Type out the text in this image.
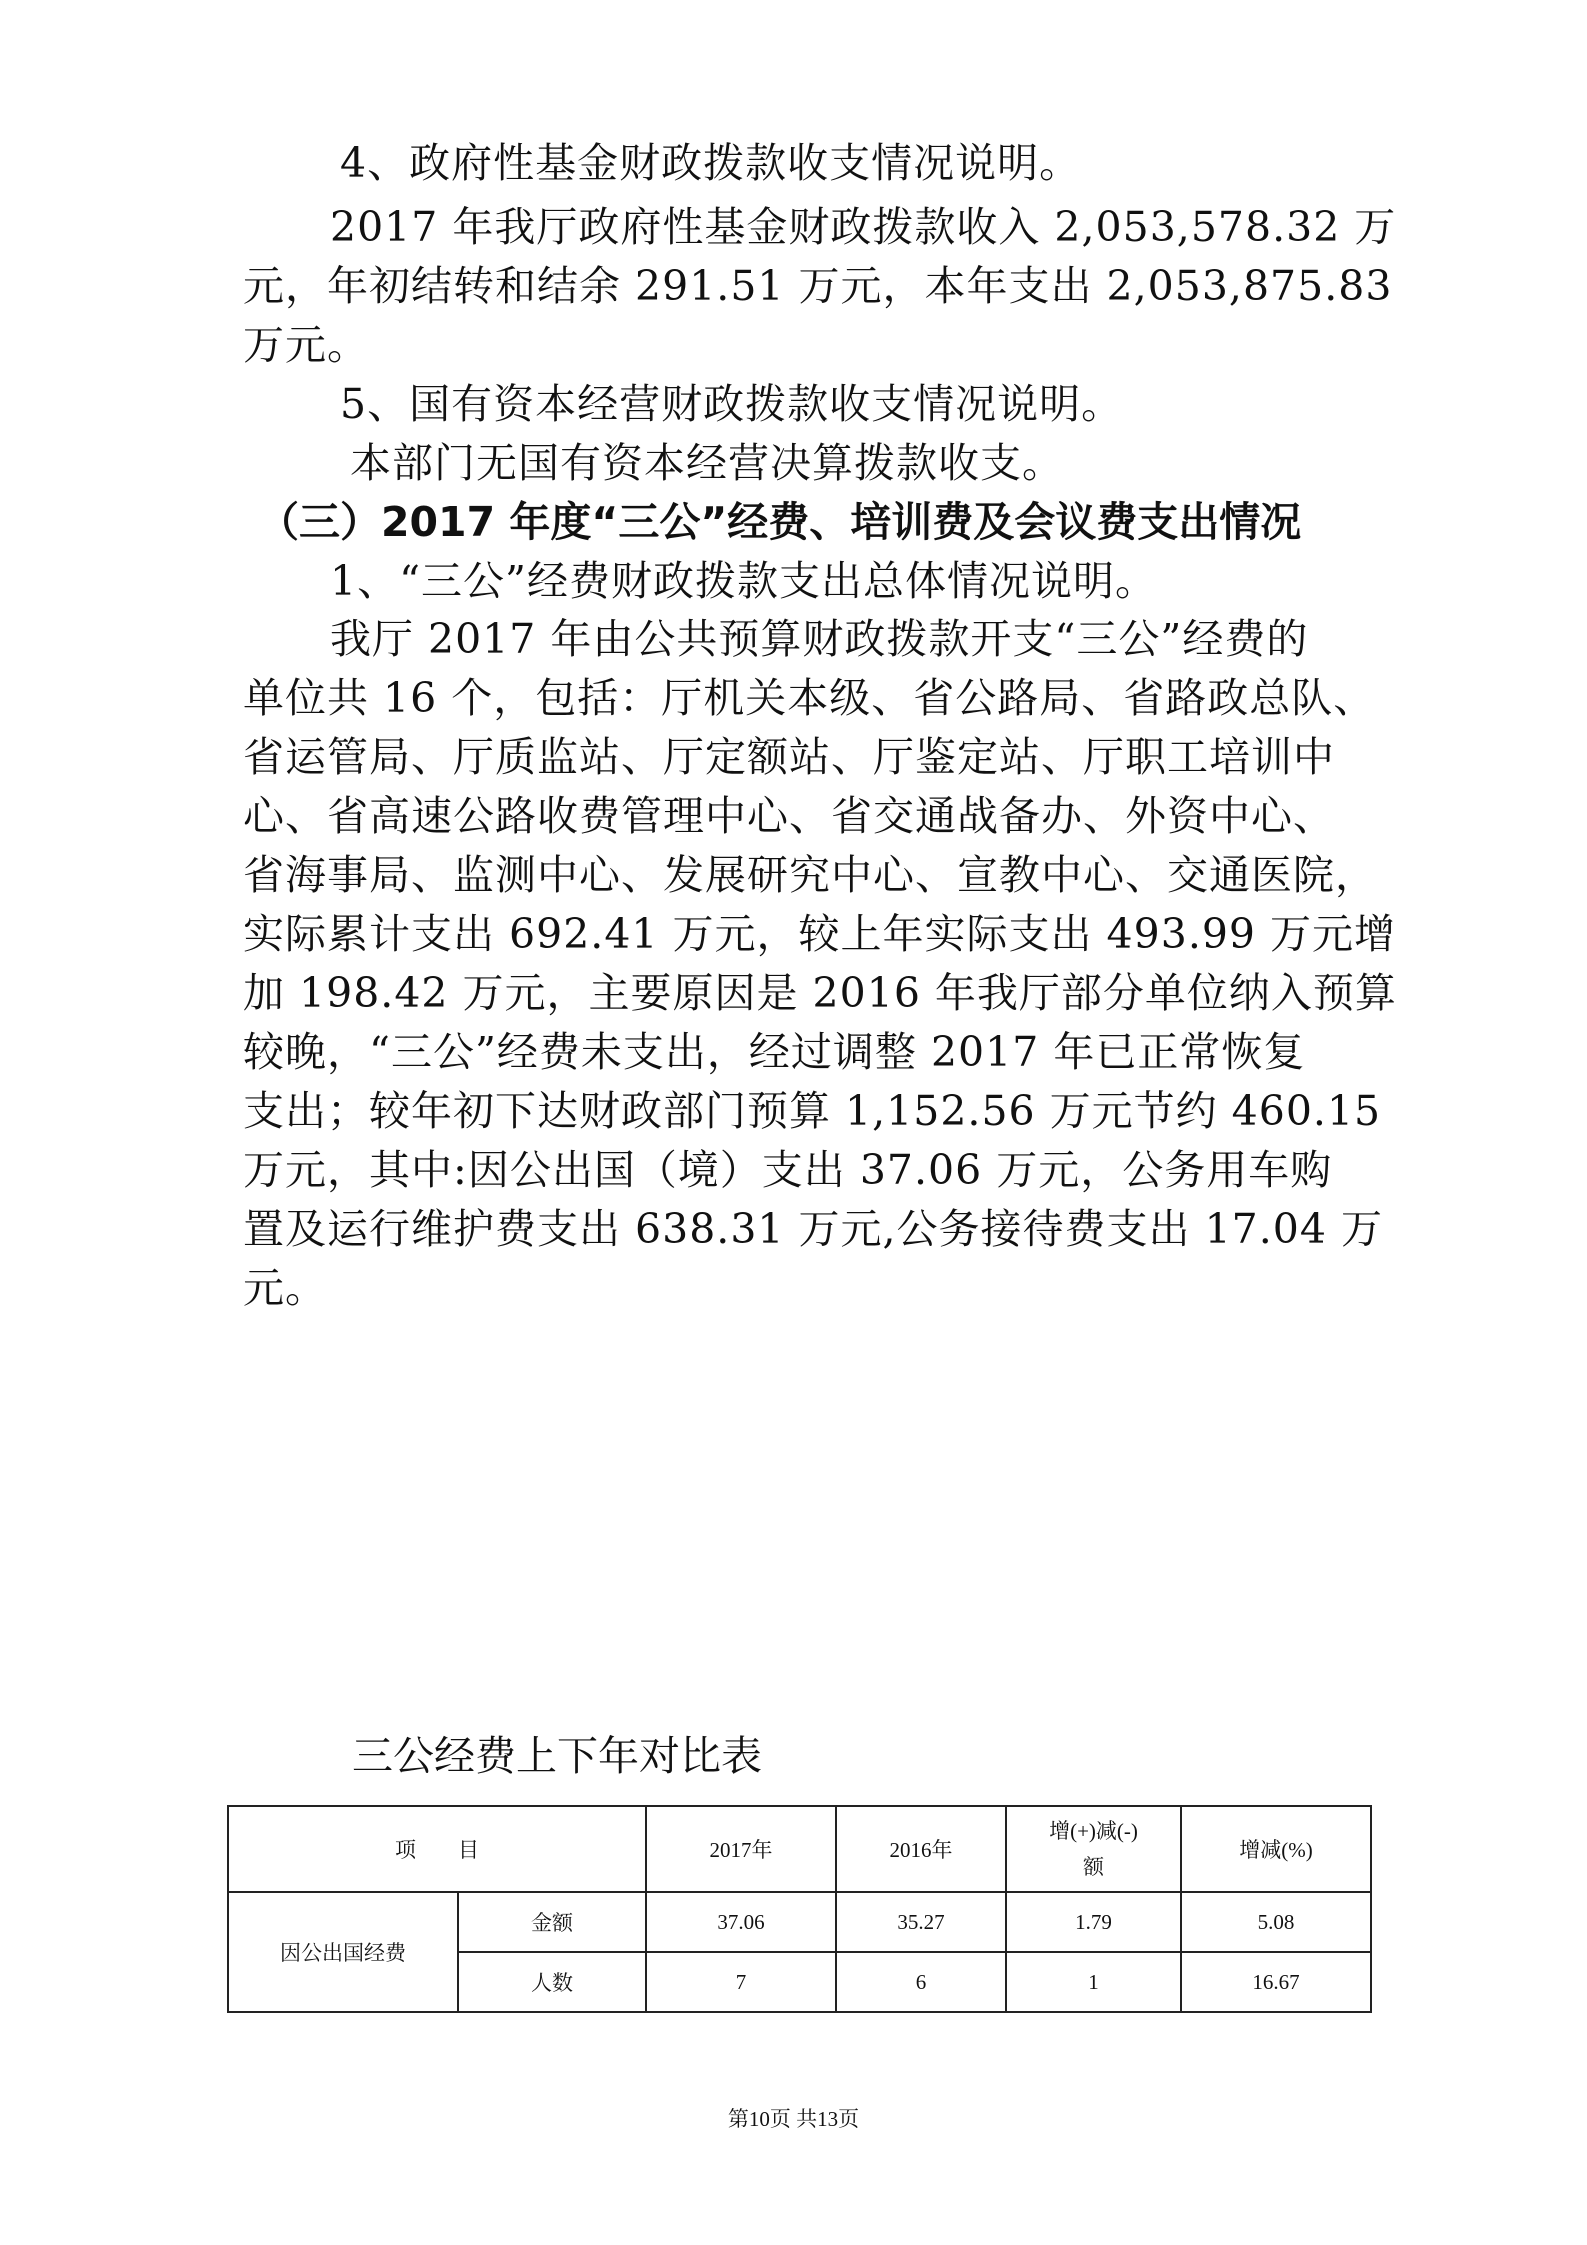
4、政府性基金财政拨款收支情况说明。
2017 年我厅政府性基金财政拨款收入 2,053,578.32 万
元，年初结转和结余 291.51 万元，本年支出 2,053,875.83
万元。
5、国有资本经营财政拨款收支情况说明。
本部门无国有资本经营决算拨款收支。
（三）2017 年度“三公”经费、培训费及会议费支出情况
1、“三公”经费财政拨款支出总体情况说明。
我厅 2017 年由公共预算财政拨款开支“三公”经费的
单位共 16 个，包括：厅机关本级、省公路局、省路政总队、
省运管局、厅质监站、厅定额站、厅鉴定站、厅职工培训中
心、省高速公路收费管理中心、省交通战备办、外资中心、
省海事局、监测中心、发展研究中心、宣教中心、交通医院，
实际累计支出 692.41 万元，较上年实际支出 493.99 万元增
加 198.42 万元，主要原因是 2016 年我厅部分单位纳入预算
较晚，“三公”经费未支出，经过调整 2017 年已正常恢复
支出；较年初下达财政部门预算 1,152.56 万元节约 460.15
万元，其中:因公出国（境）支出 37.06 万元，公务用车购
置及运行维护费支出 638.31 万元,公务接待费支出 17.04 万
元。
三公经费上下年对比表
项　　目		2017年	2016年	增(+)减(-)
额	增减(%)
因公出国经费	金额	37.06	35.27	1.79	5.08
	人数	7	6	1	16.67
第10页 共13页
